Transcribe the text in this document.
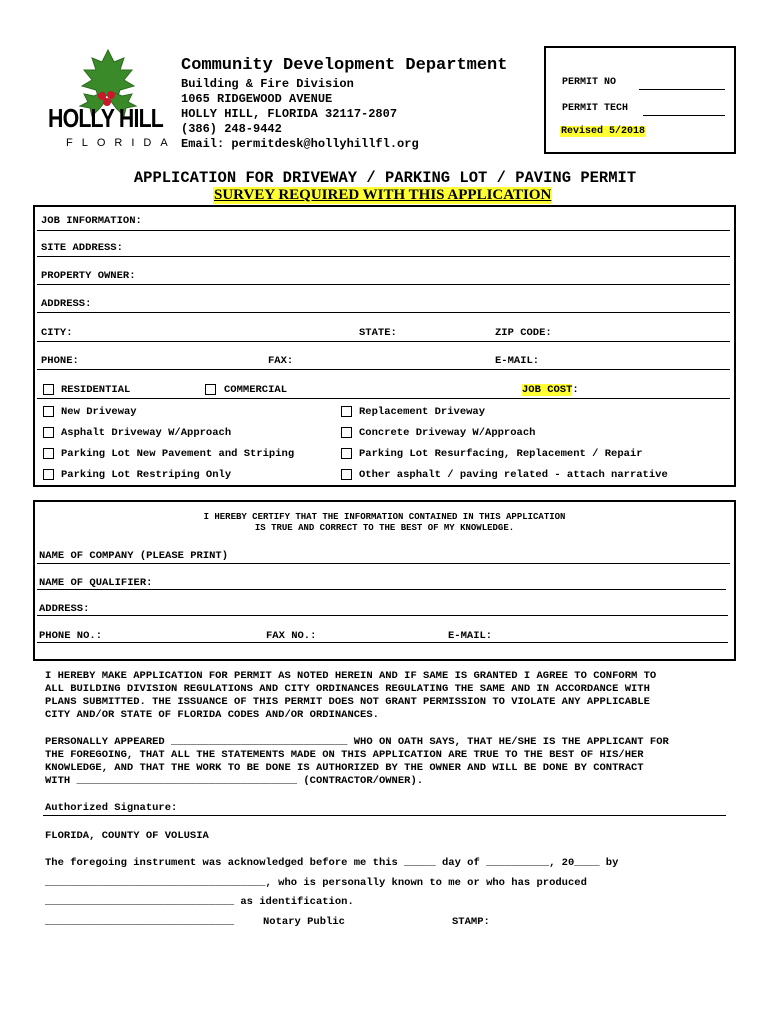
HOLLY HILL
FLORIDA
Community Development Department
Building & Fire Division
1065 RIDGEWOOD AVENUE
HOLLY HILL, FLORIDA 32117-2807
(386) 248-9442
Email: permitdesk@hollyhillfl.org
PERMIT NO
PERMIT TECH
Revised 5/2018
APPLICATION FOR DRIVEWAY / PARKING LOT / PAVING PERMIT
SURVEY REQUIRED WITH THIS APPLICATION
JOB INFORMATION:
SITE ADDRESS:
PROPERTY OWNER:
ADDRESS:
CITY:	STATE:	ZIP CODE:
PHONE:	FAX:	E-MAIL:
RESIDENTIAL	COMMERCIAL	JOB COST:
New Driveway	Replacement Driveway
Asphalt Driveway W/Approach	Concrete Driveway W/Approach
Parking Lot New Pavement and Striping	Parking Lot Resurfacing, Replacement / Repair
Parking Lot Restriping Only	Other asphalt / paving related - attach narrative
I HEREBY CERTIFY THAT THE INFORMATION CONTAINED IN THIS APPLICATION
IS TRUE AND CORRECT TO THE BEST OF MY KNOWLEDGE.
NAME OF COMPANY (PLEASE PRINT)
NAME OF QUALIFIER:
ADDRESS:
PHONE NO.:	FAX NO.:	E-MAIL:
I HEREBY MAKE APPLICATION FOR PERMIT AS NOTED HEREIN AND IF SAME IS GRANTED I AGREE TO CONFORM TO
ALL BUILDING DIVISION REGULATIONS AND CITY ORDINANCES REGULATING THE SAME AND IN ACCORDANCE WITH
PLANS SUBMITTED. THE ISSUANCE OF THIS PERMIT DOES NOT GRANT PERMISSION TO VIOLATE ANY APPLICABLE
CITY AND/OR STATE OF FLORIDA CODES AND/OR ORDINANCES.
PERSONALLY APPEARED ____________________________ WHO ON OATH SAYS, THAT HE/SHE IS THE APPLICANT FOR
THE FOREGOING, THAT ALL THE STATEMENTS MADE ON THIS APPLICATION ARE TRUE TO THE BEST OF HIS/HER
KNOWLEDGE, AND THAT THE WORK TO BE DONE IS AUTHORIZED BY THE OWNER AND WILL BE DONE BY CONTRACT
WITH ___________________________________ (CONTRACTOR/OWNER).
Authorized Signature:
FLORIDA, COUNTY OF VOLUSIA
The foregoing instrument was acknowledged before me this _____ day of __________, 20____ by
___________________________________, who is personally known to me or who has produced
______________________________ as identification.
______________________________	Notary Public	STAMP:
